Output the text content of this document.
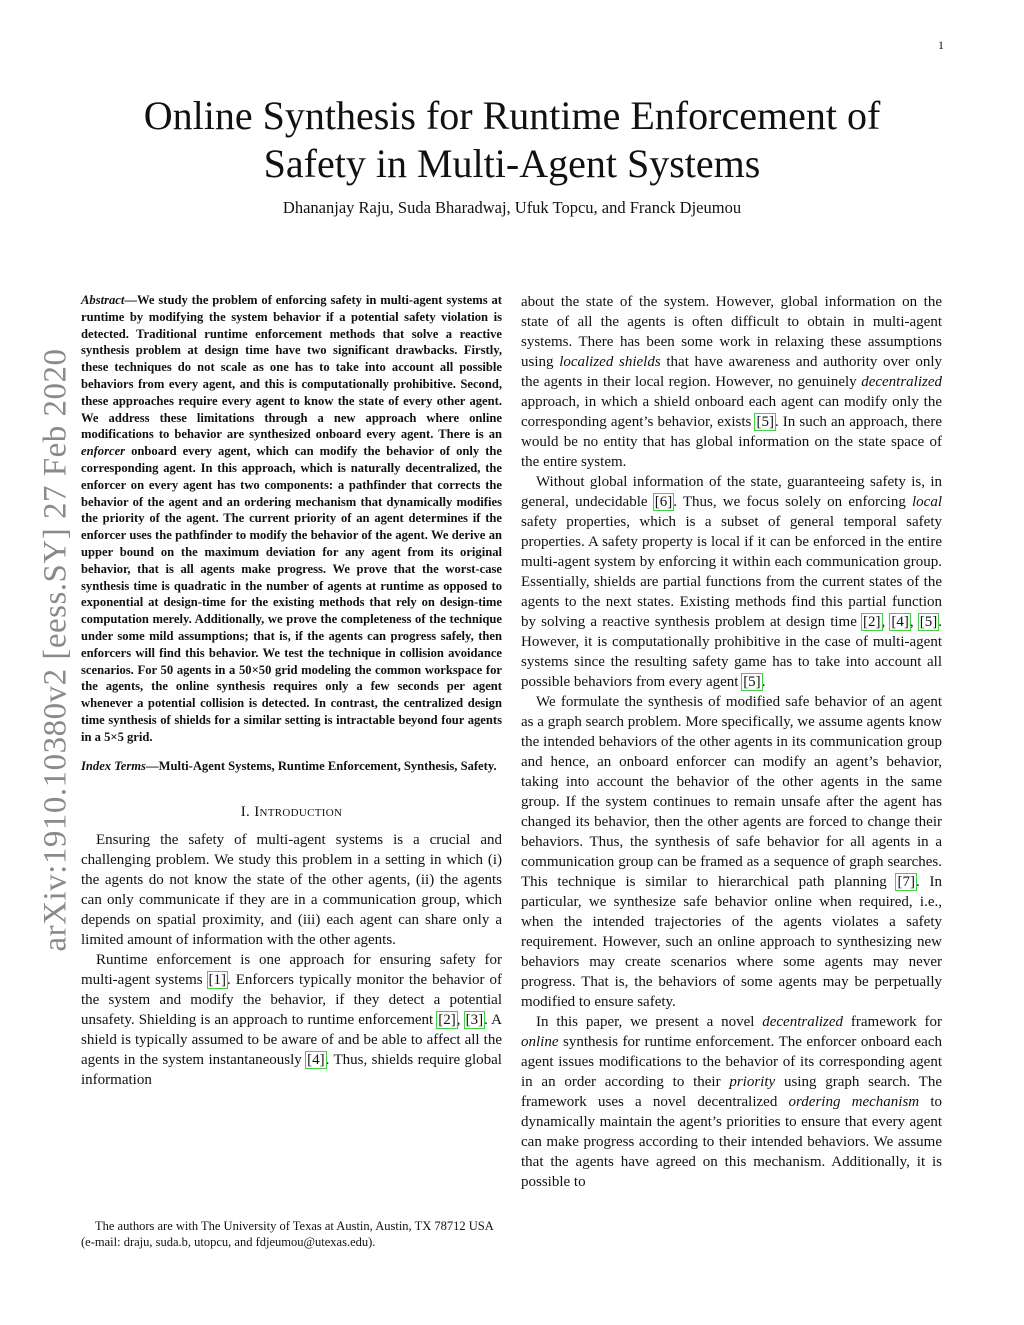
1
Online Synthesis for Runtime Enforcement of
Safety in Multi-Agent Systems
Dhananjay Raju, Suda Bharadwaj, Ufuk Topcu, and Franck Djeumou
arXiv:1910.10380v2 [eess.SY] 27 Feb 2020

Abstract—We study the problem of enforcing safety in multi-agent systems at runtime by modifying the system behavior if a potential safety violation is detected. Traditional runtime enforcement methods that solve a reactive synthesis problem at design time have two significant drawbacks. Firstly, these techniques do not scale as one has to take into account all possible behaviors from every agent, and this is computationally prohibitive. Second, these approaches require every agent to know the state of every other agent. We address these limitations through a new approach where online modifications to behavior are synthesized onboard every agent. There is an enforcer onboard every agent, which can modify the behavior of only the corresponding agent. In this approach, which is naturally decentralized, the enforcer on every agent has two components: a pathfinder that corrects the behavior of the agent and an ordering mechanism that dynamically modifies the priority of the agent. The current priority of an agent determines if the enforcer uses the pathfinder to modify the behavior of the agent. We derive an upper bound on the maximum deviation for any agent from its original behavior, that is all agents make progress. We prove that the worst-case synthesis time is quadratic in the number of agents at runtime as opposed to exponential at design-time for the existing methods that rely on design-time computation merely. Additionally, we prove the completeness of the technique under some mild assumptions; that is, if the agents can progress safely, then enforcers will find this behavior. We test the technique in collision avoidance scenarios. For 50 agents in a 50×50 grid modeling the common workspace for the agents, the online synthesis requires only a few seconds per agent whenever a potential collision is detected. In contrast, the centralized design time synthesis of shields for a similar setting is intractable beyond four agents in a 5×5 grid.

Index Terms—Multi-Agent Systems, Runtime Enforcement, Synthesis, Safety.

I. Introduction

Ensuring the safety of multi-agent systems is a crucial and challenging problem. We study this problem in a setting in which (i) the agents do not know the state of the other agents, (ii) the agents can only communicate if they are in a communication group, which depends on spatial proximity, and (iii) each agent can share only a limited amount of information with the other agents.

Runtime enforcement is one approach for ensuring safety for multi-agent systems [1]. Enforcers typically monitor the behavior of the system and modify the behavior, if they detect a potential unsafety. Shielding is an approach to runtime enforcement [2], [3]. A shield is typically assumed to be aware of and be able to affect all the agents in the system instantaneously [4]. Thus, shields require global information

The authors are with The University of Texas at Austin, Austin, TX 78712 USA (e-mail: draju, suda.b, utopcu, and fdjeumou@utexas.edu).

about the state of the system. However, global information on the state of all the agents is often difficult to obtain in multi-agent systems. There has been some work in relaxing these assumptions using localized shields that have awareness and authority over only the agents in their local region. However, no genuinely decentralized approach, in which a shield onboard each agent can modify only the corresponding agent’s behavior, exists [5]. In such an approach, there would be no entity that has global information on the state space of the entire system.

Without global information of the state, guaranteeing safety is, in general, undecidable [6]. Thus, we focus solely on enforcing local safety properties, which is a subset of general temporal safety properties. A safety property is local if it can be enforced in the entire multi-agent system by enforcing it within each communication group. Essentially, shields are partial functions from the current states of the agents to the next states. Existing methods find this partial function by solving a reactive synthesis problem at design time [2], [4], [5]. However, it is computationally prohibitive in the case of multi-agent systems since the resulting safety game has to take into account all possible behaviors from every agent [5].

We formulate the synthesis of modified safe behavior of an agent as a graph search problem. More specifically, we assume agents know the intended behaviors of the other agents in its communication group and hence, an onboard enforcer can modify an agent’s behavior, taking into account the behavior of the other agents in the same group. If the system continues to remain unsafe after the agent has changed its behavior, then the other agents are forced to change their behaviors. Thus, the synthesis of safe behavior for all agents in a communication group can be framed as a sequence of graph searches. This technique is similar to hierarchical path planning [7]. In particular, we synthesize safe behavior online when required, i.e., when the intended trajectories of the agents violates a safety requirement. However, such an online approach to synthesizing new behaviors may create scenarios where some agents may never progress. That is, the behaviors of some agents may be perpetually modified to ensure safety.

In this paper, we present a novel decentralized framework for online synthesis for runtime enforcement. The enforcer onboard each agent issues modifications to the behavior of its corresponding agent in an order according to their priority using graph search. The framework uses a novel decentralized ordering mechanism to dynamically maintain the agent’s priorities to ensure that every agent can make progress according to their intended behaviors. We assume that the agents have agreed on this mechanism. Additionally, it is possible to
